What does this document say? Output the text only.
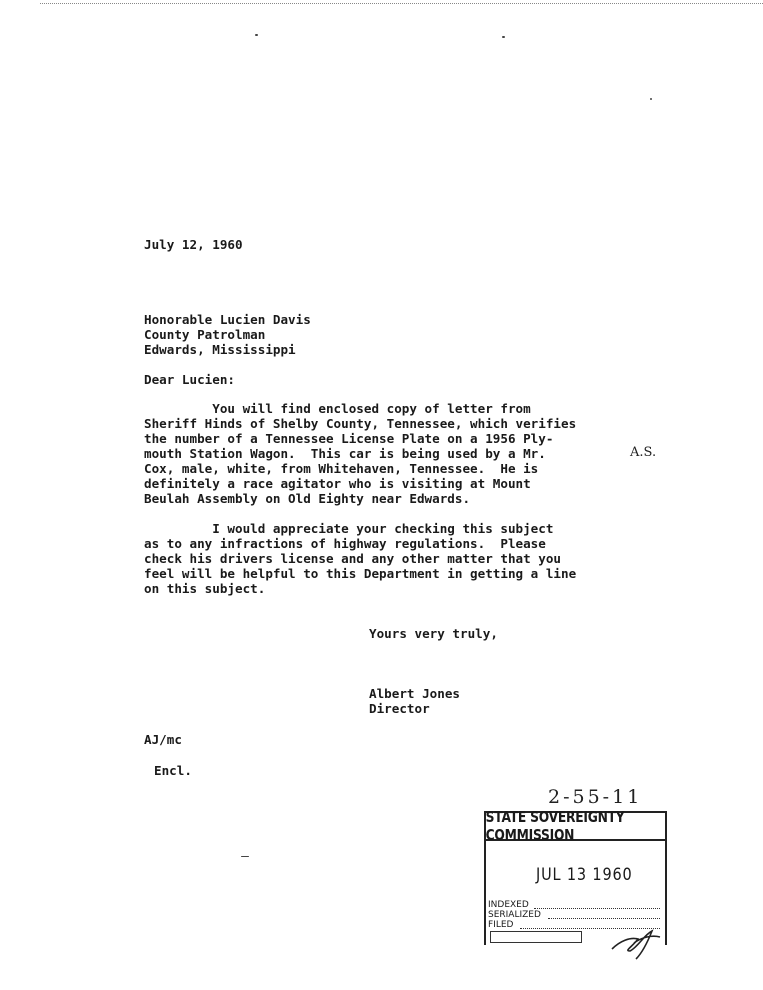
July 12, 1960
Honorable Lucien Davis
County Patrolman
Edwards, Mississippi
Dear Lucien:
You will find enclosed copy of letter from
Sheriff Hinds of Shelby County, Tennessee, which verifies
the number of a Tennessee License Plate on a 1956 Ply-
mouth Station Wagon.  This car is being used by a Mr.
Cox, male, white, from Whitehaven, Tennessee.  He is
definitely a race agitator who is visiting at Mount
Beulah Assembly on Old Eighty near Edwards.
A.S.
I would appreciate your checking this subject
as to any infractions of highway regulations.  Please
check his drivers license and any other matter that you
feel will be helpful to this Department in getting a line
on this subject.
Yours very truly,
Albert Jones
Director
AJ/mc
Encl.
2-55-11
STATE SOVEREIGNTY COMMISSION
JUL 13 1960
INDEXED
SERIALIZED
FILED
